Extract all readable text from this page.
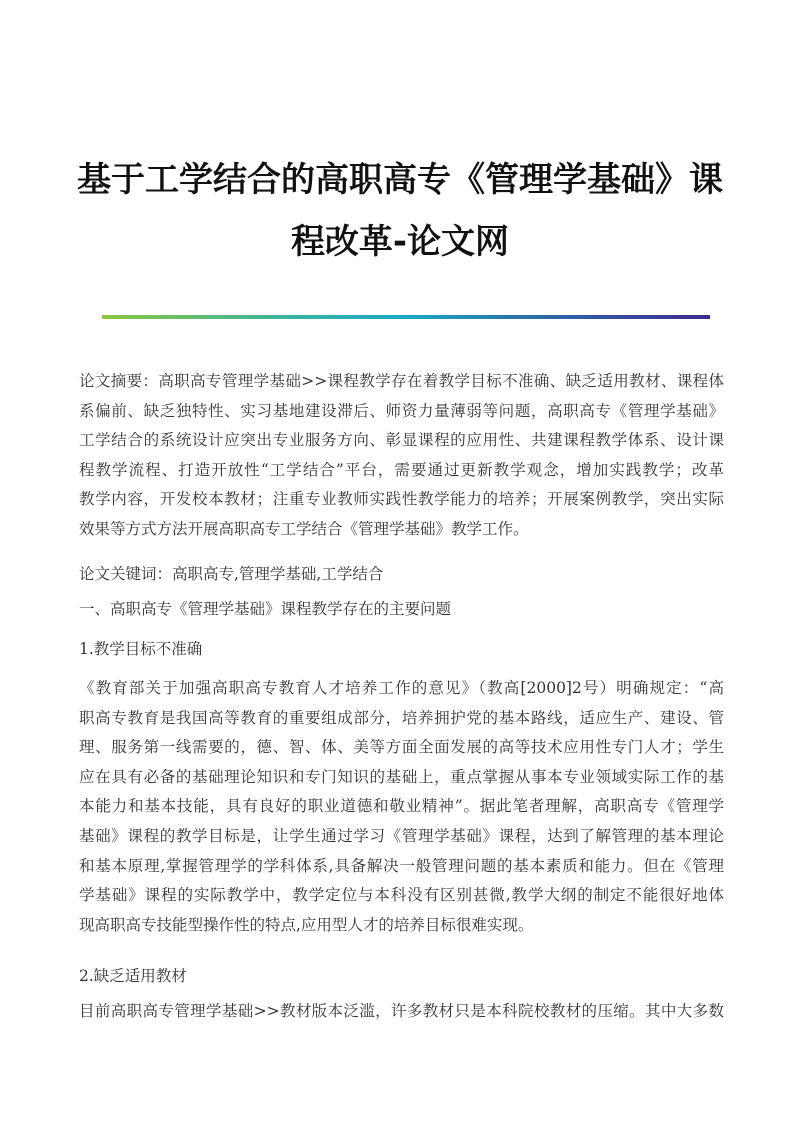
基于工学结合的高职高专《管理学基础》课
程改革-论文网
论文摘要：高职高专管理学基础>>课程教学存在着教学目标不准确、缺乏适用教材、课程体
系偏前、缺乏独特性、实习基地建设滞后、师资力量薄弱等问题，高职高专《管理学基础》
工学结合的系统设计应突出专业服务方向、彰显课程的应用性、共建课程教学体系、设计课
程教学流程、打造开放性“工学结合”平台，需要通过更新教学观念，增加实践教学；改革
教学内容，开发校本教材；注重专业教师实践性教学能力的培养；开展案例教学，突出实际
效果等方式方法开展高职高专工学结合《管理学基础》教学工作。
论文关键词：高职高专,管理学基础,工学结合
一、高职高专《管理学基础》课程教学存在的主要问题
1.教学目标不准确
《教育部关于加强高职高专教育人才培养工作的意见》（教高[2000]2号）明确规定：“高
职高专教育是我国高等教育的重要组成部分，培养拥护党的基本路线，适应生产、建设、管
理、服务第一线需要的，德、智、体、美等方面全面发展的高等技术应用性专门人才；学生
应在具有必备的基础理论知识和专门知识的基础上，重点掌握从事本专业领域实际工作的基
本能力和基本技能，具有良好的职业道德和敬业精神”。据此笔者理解，高职高专《管理学
基础》课程的教学目标是，让学生通过学习《管理学基础》课程，达到了解管理的基本理论
和基本原理,掌握管理学的学科体系,具备解决一般管理问题的基本素质和能力。但在《管理
学基础》课程的实际教学中，教学定位与本科没有区别甚微,教学大纲的制定不能很好地体
现高职高专技能型操作性的特点,应用型人才的培养目标很难实现。
2.缺乏适用教材
目前高职高专管理学基础>>教材版本泛滥，许多教材只是本科院校教材的压缩。其中大多数
